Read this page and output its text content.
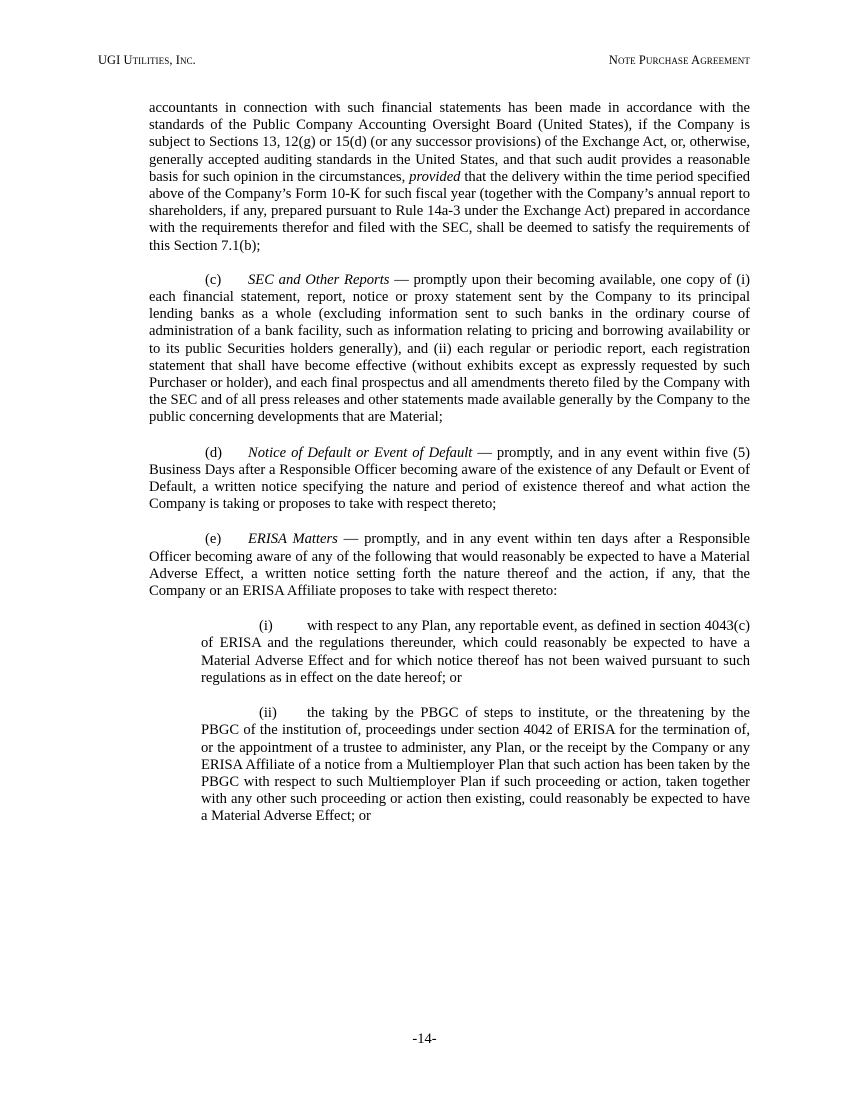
UGI Utilities, Inc.	Note Purchase Agreement

accountants in connection with such financial statements has been made in accordance with the standards of the Public Company Accounting Oversight Board (United States), if the Company is subject to Sections 13, 12(g) or 15(d) (or any successor provisions) of the Exchange Act, or, otherwise, generally accepted auditing standards in the United States, and that such audit provides a reasonable basis for such opinion in the circumstances, provided that the delivery within the time period specified above of the Company’s Form 10-K for such fiscal year (together with the Company’s annual report to shareholders, if any, prepared pursuant to Rule 14a-3 under the Exchange Act) prepared in accordance with the requirements therefor and filed with the SEC, shall be deemed to satisfy the requirements of this Section 7.1(b);

(c) SEC and Other Reports — promptly upon their becoming available, one copy of (i) each financial statement, report, notice or proxy statement sent by the Company to its principal lending banks as a whole (excluding information sent to such banks in the ordinary course of administration of a bank facility, such as information relating to pricing and borrowing availability or to its public Securities holders generally), and (ii) each regular or periodic report, each registration statement that shall have become effective (without exhibits except as expressly requested by such Purchaser or holder), and each final prospectus and all amendments thereto filed by the Company with the SEC and of all press releases and other statements made available generally by the Company to the public concerning developments that are Material;

(d) Notice of Default or Event of Default — promptly, and in any event within five (5) Business Days after a Responsible Officer becoming aware of the existence of any Default or Event of Default, a written notice specifying the nature and period of existence thereof and what action the Company is taking or proposes to take with respect thereto;

(e) ERISA Matters — promptly, and in any event within ten days after a Responsible Officer becoming aware of any of the following that would reasonably be expected to have a Material Adverse Effect, a written notice setting forth the nature thereof and the action, if any, that the Company or an ERISA Affiliate proposes to take with respect thereto:

(i) with respect to any Plan, any reportable event, as defined in section 4043(c) of ERISA and the regulations thereunder, which could reasonably be expected to have a Material Adverse Effect and for which notice thereof has not been waived pursuant to such regulations as in effect on the date hereof; or

(ii) the taking by the PBGC of steps to institute, or the threatening by the PBGC of the institution of, proceedings under section 4042 of ERISA for the termination of, or the appointment of a trustee to administer, any Plan, or the receipt by the Company or any ERISA Affiliate of a notice from a Multiemployer Plan that such action has been taken by the PBGC with respect to such Multiemployer Plan if such proceeding or action, taken together with any other such proceeding or action then existing, could reasonably be expected to have a Material Adverse Effect; or

-14-
